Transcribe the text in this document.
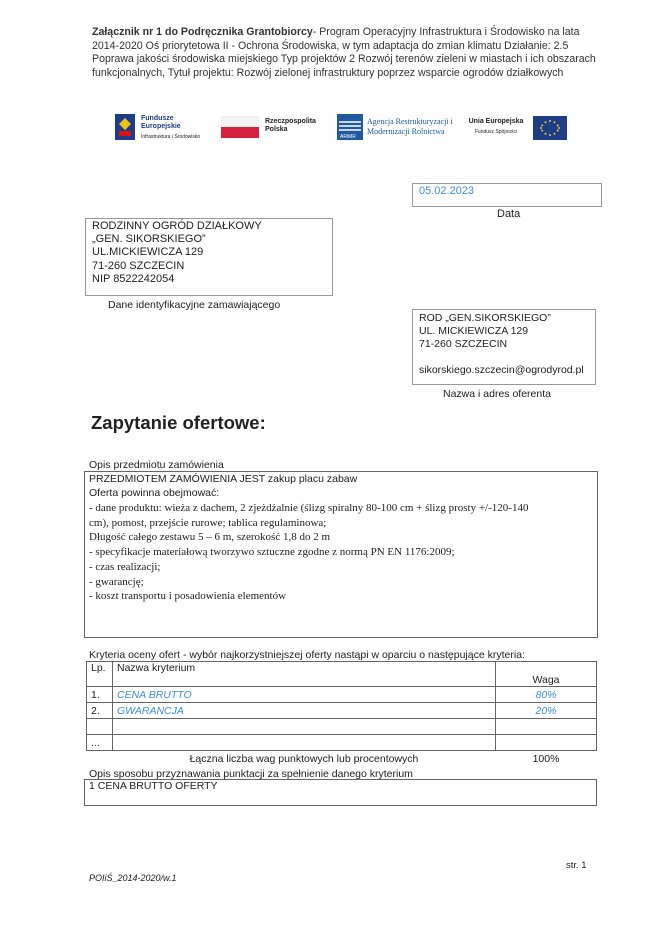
Załącznik nr 1 do Podręcznika Grantobiorcy- Program Operacyjny Infrastruktura i Środowisko na lata 2014-2020 Oś priorytetowa II - Ochrona Środowiska, w tym adaptacja do zmian klimatu Działanie: 2.5 Poprawa jakości środowiska miejskiego Typ projektów 2 Rozwój terenów zieleni w miastach i ich obszarach funkcjonalnych, Tytuł projektu: Rozwój zielonej infrastruktury poprzez wsparcie ogrodów działkowych
Fundusze Europejskie
Infrastruktura i Środowisko
Rzeczpospolita Polska
ARiMR
Agencja Restrukturyzacji i Modernizacji Rolnictwa
Unia Europejska
Fundusz Spójności
05.02.2023
Data
RODZINNY OGRÓD DZIAŁKOWY
„GEN. SIKORSKIEGO”
UL.MICKIEWICZA 129
71-260 SZCZECIN
NIP 8522242054
Dane identyfikacyjne zamawiającego
ROD „GEN.SIKORSKIEGO”
UL. MICKIEWICZA 129
71-260 SZCZECIN
sikorskiego.szczecin@ogrodyrod.pl
Nazwa i adres oferenta
Zapytanie ofertowe:
Opis przedmiotu zamówienia
PRZEDMIOTEM ZAMÓWIENIA JEST zakup placu zabaw
Oferta powinna obejmować:
- dane produktu: wieża z dachem, 2 zjeżdżalnie (ślizg spiralny 80-100 cm + ślizg prosty +/-120-140
cm), pomost, przejście rurowe; tablica regulaminowa;
Długość całego zestawu 5 – 6 m, szerokość 1,8 do 2 m
- specyfikacje materiałową tworzywo sztuczne zgodne z normą PN EN 1176:2009;
- czas realizacji;
- gwarancję;
- koszt transportu i posadowienia elementów
Kryteria oceny ofert - wybór najkorzystniejszej oferty nastąpi w oparciu o następujące kryteria:
Lp.	Nazwa kryterium	Waga
1.	CENA BRUTTO	80%
2.	GWARANCJA	20%

...		
	Łączna liczba wag punktowych lub procentowych	100%
Opis sposobu przyznawania punktacji za spełnienie danego kryterium
1 CENA BRUTTO OFERTY
str. 1
POIiŚ_2014-2020/w.1
